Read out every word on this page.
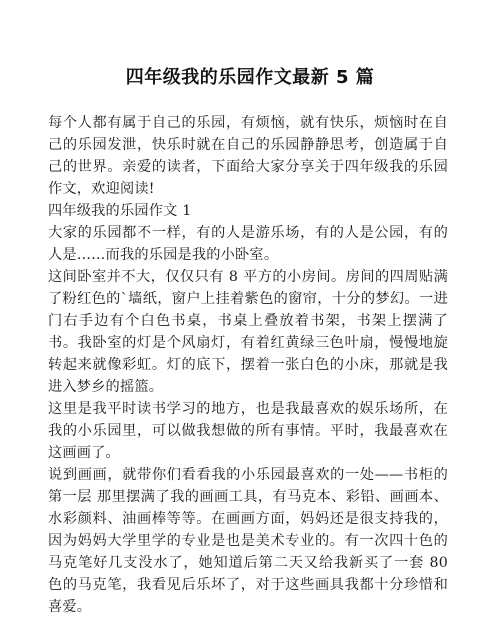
四年级我的乐园作文最新 5 篇

每个人都有属于自己的乐园，有烦恼，就有快乐，烦恼时在自己的乐园发泄，快乐时就在自己的乐园静静思考，创造属于自己的世界。亲爱的读者，下面给大家分享关于四年级我的乐园作文，欢迎阅读!

四年级我的乐园作文 1

大家的乐园都不一样，有的人是游乐场，有的人是公园，有的人是……而我的乐园是我的小卧室。

这间卧室并不大，仅仅只有 8 平方的小房间。房间的四周贴满了粉红色的`墙纸，窗户上挂着紫色的窗帘，十分的梦幻。一进门右手边有个白色书桌，书桌上叠放着书架，书架上摆满了书。我卧室的灯是个风扇灯，有着红黄绿三色叶扇，慢慢地旋转起来就像彩虹。灯的底下，摆着一张白色的小床，那就是我进入梦乡的摇篮。

这里是我平时读书学习的地方，也是我最喜欢的娱乐场所，在我的小乐园里，可以做我想做的所有事情。平时，我最喜欢在这画画了。

说到画画，就带你们看看我的小乐园最喜欢的一处——书柜的第一层 那里摆满了我的画画工具，有马克本、彩铅、画画本、水彩颜料、油画棒等等。在画画方面，妈妈还是很支持我的，因为妈妈大学里学的专业是也是美术专业的。有一次四十色的马克笔好几支没水了，她知道后第二天又给我新买了一套 80 色的马克笔，我看见后乐坏了，对于这些画具我都十分珍惜和喜爱。
